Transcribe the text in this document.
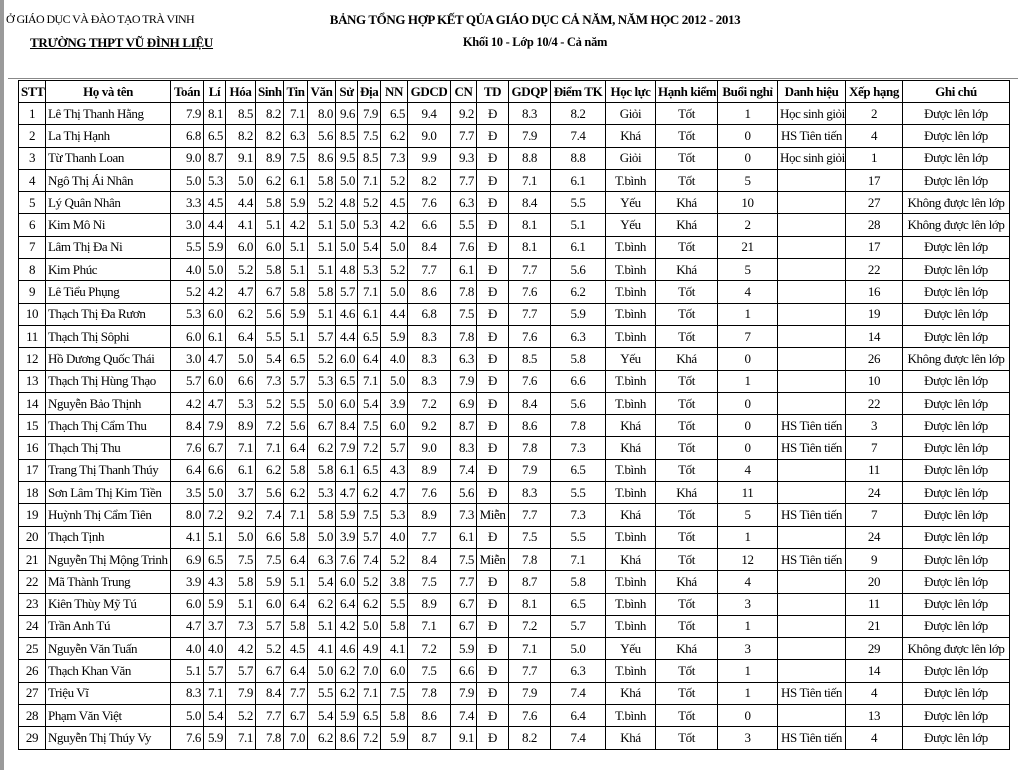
Ở GIÁO DỤC VÀ ĐÀO TẠO TRÀ VINH
TRƯỜNG THPT VŨ ĐÌNH LIỆU
BẢNG TỔNG HỢP KẾT QỦA GIÁO DỤC CẢ NĂM, NĂM HỌC 2012 - 2013
Khối 10 - Lớp 10/4 - Cả năm
STT	Họ và tên	Toán	Lí	Hóa	Sinh	Tin	Văn	Sử	Địa	NN	GDCD	CN	TD	GDQP	Điểm TK	Học lực	Hạnh kiểm	Buổi nghỉ	Danh hiệu	Xếp hạng	Ghi chú
1	Lê Thị Thanh Hằng	7.9	8.1	8.5	8.2	7.1	8.0	9.6	7.9	6.5	9.4	9.2	Đ	8.3	8.2	Giỏi	Tốt	1	Học sinh giỏi	2	Được lên lớp
2	La Thị Hạnh	6.8	6.5	8.2	8.2	6.3	5.6	8.5	7.5	6.2	9.0	7.7	Đ	7.9	7.4	Khá	Tốt	0	HS Tiên tiến	4	Được lên lớp
3	Từ Thanh Loan	9.0	8.7	9.1	8.9	7.5	8.6	9.5	8.5	7.3	9.9	9.3	Đ	8.8	8.8	Giỏi	Tốt	0	Học sinh giỏi	1	Được lên lớp
4	Ngô Thị Ái Nhân	5.0	5.3	5.0	6.2	6.1	5.8	5.0	7.1	5.2	8.2	7.7	Đ	7.1	6.1	T.bình	Tốt	5		17	Được lên lớp
5	Lý Quân Nhân	3.3	4.5	4.4	5.8	5.9	5.2	4.8	5.2	4.5	7.6	6.3	Đ	8.4	5.5	Yếu	Khá	10		27	Không được lên lớp
6	Kim Mô Ni	3.0	4.4	4.1	5.1	4.2	5.1	5.0	5.3	4.2	6.6	5.5	Đ	8.1	5.1	Yếu	Khá	2		28	Không được lên lớp
7	Lâm Thị Đa Ni	5.5	5.9	6.0	6.0	5.1	5.1	5.0	5.4	5.0	8.4	7.6	Đ	8.1	6.1	T.bình	Tốt	21		17	Được lên lớp
8	Kim Phúc	4.0	5.0	5.2	5.8	5.1	5.1	4.8	5.3	5.2	7.7	6.1	Đ	7.7	5.6	T.bình	Khá	5		22	Được lên lớp
9	Lê Tiểu Phụng	5.2	4.2	4.7	6.7	5.8	5.8	5.7	7.1	5.0	8.6	7.8	Đ	7.6	6.2	T.bình	Tốt	4		16	Được lên lớp
10	Thạch Thị Đa Rươn	5.3	6.0	6.2	5.6	5.9	5.1	4.6	6.1	4.4	6.8	7.5	Đ	7.7	5.9	T.bình	Tốt	1		19	Được lên lớp
11	Thạch Thị Sôphi	6.0	6.1	6.4	5.5	5.1	5.7	4.4	6.5	5.9	8.3	7.8	Đ	7.6	6.3	T.bình	Tốt	7		14	Được lên lớp
12	Hồ Dương Quốc Thái	3.0	4.7	5.0	5.4	6.5	5.2	6.0	6.4	4.0	8.3	6.3	Đ	8.5	5.8	Yếu	Khá	0		26	Không được lên lớp
13	Thạch Thị Hùng Thạo	5.7	6.0	6.6	7.3	5.7	5.3	6.5	7.1	5.0	8.3	7.9	Đ	7.6	6.6	T.bình	Tốt	1		10	Được lên lớp
14	Nguyễn Bảo Thịnh	4.2	4.7	5.3	5.2	5.5	5.0	6.0	5.4	3.9	7.2	6.9	Đ	8.4	5.6	T.bình	Tốt	0		22	Được lên lớp
15	Thạch Thị Cẩm Thu	8.4	7.9	8.9	7.2	5.6	6.7	8.4	7.5	6.0	9.2	8.7	Đ	8.6	7.8	Khá	Tốt	0	HS Tiên tiến	3	Được lên lớp
16	Thạch Thị Thu	7.6	6.7	7.1	7.1	6.4	6.2	7.9	7.2	5.7	9.0	8.3	Đ	7.8	7.3	Khá	Tốt	0	HS Tiên tiến	7	Được lên lớp
17	Trang Thị Thanh Thúy	6.4	6.6	6.1	6.2	5.8	5.8	6.1	6.5	4.3	8.9	7.4	Đ	7.9	6.5	T.bình	Tốt	4		11	Được lên lớp
18	Sơn Lâm Thị Kim Tiền	3.5	5.0	3.7	5.6	6.2	5.3	4.7	6.2	4.7	7.6	5.6	Đ	8.3	5.5	T.bình	Khá	11		24	Được lên lớp
19	Huỳnh Thị Cẩm Tiên	8.0	7.2	9.2	7.4	7.1	5.8	5.9	7.5	5.3	8.9	7.3	Miễn	7.7	7.3	Khá	Tốt	5	HS Tiên tiến	7	Được lên lớp
20	Thạch Tịnh	4.1	5.1	5.0	6.6	5.8	5.0	3.9	5.7	4.0	7.7	6.1	Đ	7.5	5.5	T.bình	Tốt	1		24	Được lên lớp
21	Nguyễn Thị Mộng Trinh	6.9	6.5	7.5	7.5	6.4	6.3	7.6	7.4	5.2	8.4	7.5	Miễn	7.8	7.1	Khá	Tốt	12	HS Tiên tiến	9	Được lên lớp
22	Mã Thành Trung	3.9	4.3	5.8	5.9	5.1	5.4	6.0	5.2	3.8	7.5	7.7	Đ	8.7	5.8	T.bình	Khá	4		20	Được lên lớp
23	Kiên Thùy Mỹ Tú	6.0	5.9	5.1	6.0	6.4	6.2	6.4	6.2	5.5	8.9	6.7	Đ	8.1	6.5	T.bình	Tốt	3		11	Được lên lớp
24	Trần Anh Tú	4.7	3.7	7.3	5.7	5.8	5.1	4.2	5.0	5.8	7.1	6.7	Đ	7.2	5.7	T.bình	Tốt	1		21	Được lên lớp
25	Nguyễn Văn Tuấn	4.0	4.0	4.2	5.2	4.5	4.1	4.6	4.9	4.1	7.2	5.9	Đ	7.1	5.0	Yếu	Khá	3		29	Không được lên lớp
26	Thạch Khan Văn	5.1	5.7	5.7	6.7	6.4	5.0	6.2	7.0	6.0	7.5	6.6	Đ	7.7	6.3	T.bình	Tốt	1		14	Được lên lớp
27	Triệu Vĩ	8.3	7.1	7.9	8.4	7.7	5.5	6.2	7.1	7.5	7.8	7.9	Đ	7.9	7.4	Khá	Tốt	1	HS Tiên tiến	4	Được lên lớp
28	Phạm Văn Việt	5.0	5.4	5.2	7.7	6.7	5.4	5.9	6.5	5.8	8.6	7.4	Đ	7.6	6.4	T.bình	Tốt	0		13	Được lên lớp
29	Nguyễn Thị Thúy Vy	7.6	5.9	7.1	7.8	7.0	6.2	8.6	7.2	5.9	8.7	9.1	Đ	8.2	7.4	Khá	Tốt	3	HS Tiên tiến	4	Được lên lớp
